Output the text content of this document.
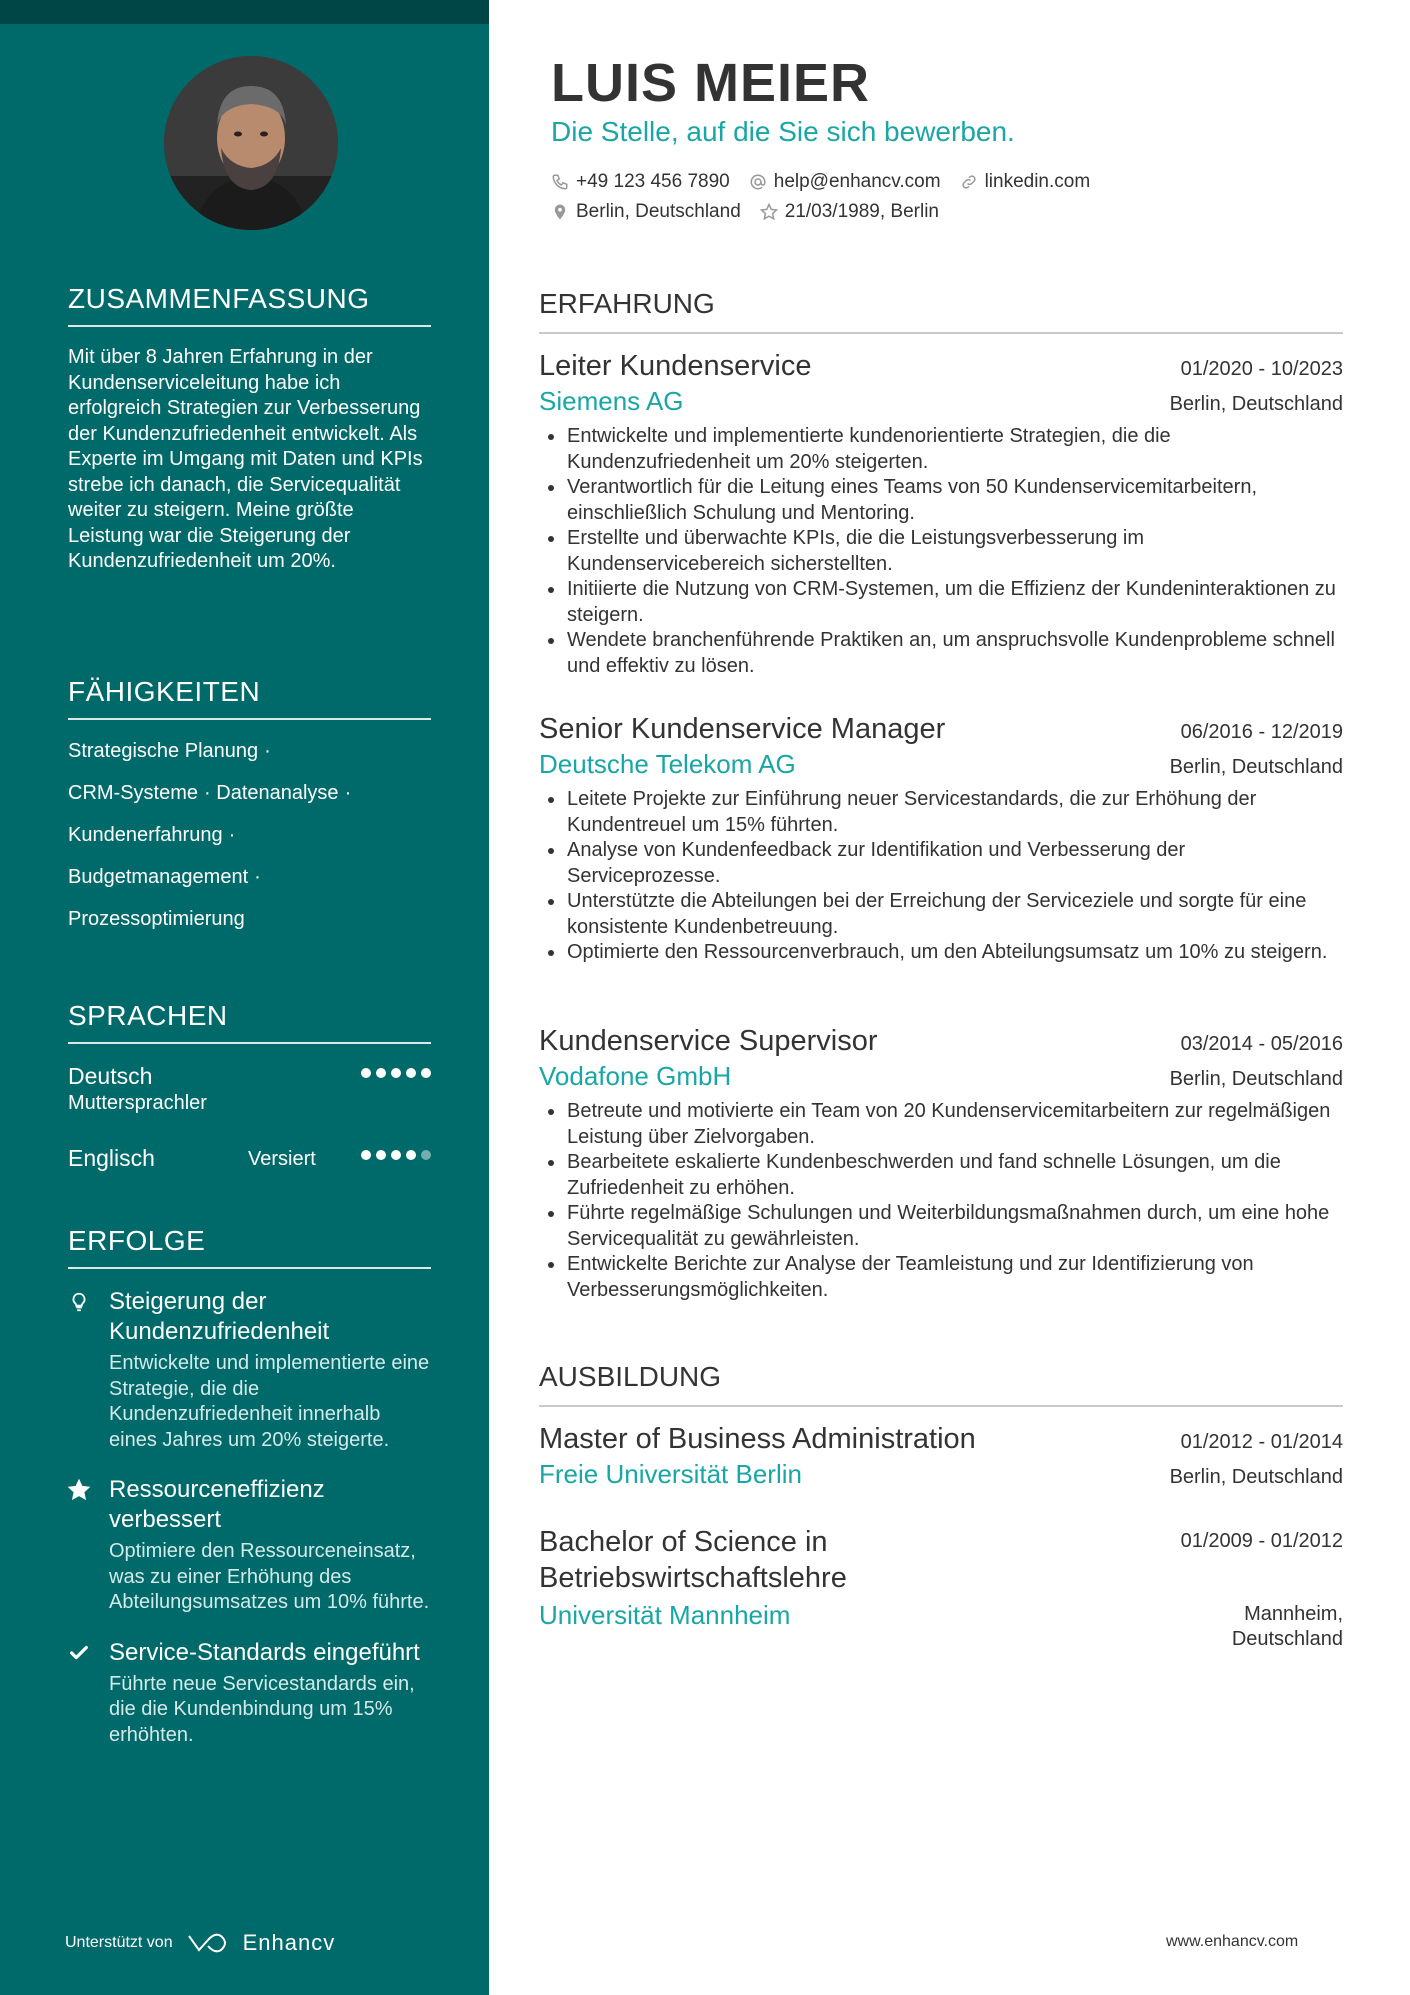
ZUSAMMENFASSUNG

Mit über 8 Jahren Erfahrung in der Kundenserviceleitung habe ich erfolgreich Strategien zur Verbesserung der Kundenzufriedenheit entwickelt. Als Experte im Umgang mit Daten und KPIs strebe ich danach, die Servicequalität weiter zu steigern. Meine größte Leistung war die Steigerung der Kundenzufriedenheit um 20%.

FÄHIGKEITEN
Strategische Planung ·
CRM-Systeme · Datenanalyse ·
Kundenerfahrung ·
Budgetmanagement ·
Prozessoptimierung
SPRACHEN
Deutsch
Muttersprachler
Englisch	Versiert
ERFOLGE
Steigerung der Kundenzufriedenheit
Entwickelte und implementierte eine Strategie, die die Kundenzufriedenheit innerhalb eines Jahres um 20% steigerte.
Ressourceneffizienz verbessert
Optimiere den Ressourceneinsatz, was zu einer Erhöhung des Abteilungsumsatzes um 10% führte.
Service-Standards eingeführt
Führte neue Servicestandards ein, die die Kundenbindung um 15% erhöhten.
Unterstützt von	Enhancv
LUIS MEIER
Die Stelle, auf die Sie sich bewerben.
+49 123 456 7890 help@enhancv.com linkedin.com
Berlin, Deutschland 21/03/1989, Berlin
ERFAHRUNG
Leiter Kundenservice	01/2020 - 10/2023
Siemens AG	Berlin, Deutschland
Entwickelte und implementierte kundenorientierte Strategien, die die Kundenzufriedenheit um 20% steigerten.
Verantwortlich für die Leitung eines Teams von 50 Kundenservicemitarbeitern, einschließlich Schulung und Mentoring.
Erstellte und überwachte KPIs, die die Leistungsverbesserung im Kundenservicebereich sicherstellten.
Initiierte die Nutzung von CRM-Systemen, um die Effizienz der Kundeninteraktionen zu steigern.
Wendete branchenführende Praktiken an, um anspruchsvolle Kundenprobleme schnell und effektiv zu lösen.
Senior Kundenservice Manager	06/2016 - 12/2019
Deutsche Telekom AG	Berlin, Deutschland
Leitete Projekte zur Einführung neuer Servicestandards, die zur Erhöhung der Kundentreuel um 15% führten.
Analyse von Kundenfeedback zur Identifikation und Verbesserung der Serviceprozesse.
Unterstützte die Abteilungen bei der Erreichung der Serviceziele und sorgte für eine konsistente Kundenbetreuung.
Optimierte den Ressourcenverbrauch, um den Abteilungsumsatz um 10% zu steigern.
Kundenservice Supervisor	03/2014 - 05/2016
Vodafone GmbH	Berlin, Deutschland
Betreute und motivierte ein Team von 20 Kundenservicemitarbeitern zur regelmäßigen Leistung über Zielvorgaben.
Bearbeitete eskalierte Kundenbeschwerden und fand schnelle Lösungen, um die Zufriedenheit zu erhöhen.
Führte regelmäßige Schulungen und Weiterbildungsmaßnahmen durch, um eine hohe Servicequalität zu gewährleisten.
Entwickelte Berichte zur Analyse der Teamleistung und zur Identifizierung von Verbesserungsmöglichkeiten.
AUSBILDUNG
Master of Business Administration	01/2012 - 01/2014
Freie Universität Berlin	Berlin, Deutschland
Bachelor of Science in
Betriebswirtschaftslehre
01/2009 - 01/2012
Universität Mannheim	Mannheim,
Deutschland
www.enhancv.com
